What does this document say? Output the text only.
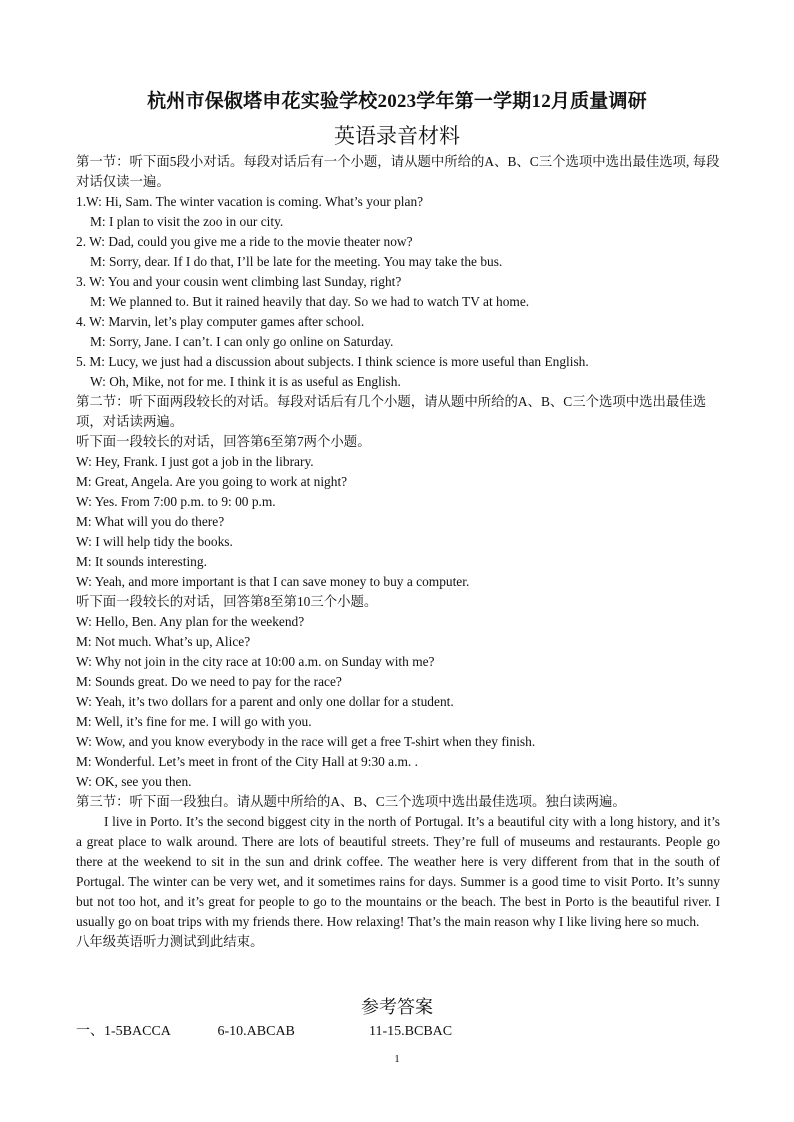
杭州市保俶塔申花实验学校2023学年第一学期12月质量调研
英语录音材料

第一节：听下面5段小对话。每段对话后有一个小题，请从题中所给的A、B、C三个选项中选出最佳选项, 每段对话仅读一遍。

1.W: Hi, Sam. The winter vacation is coming. What’s your plan?

M: I plan to visit the zoo in our city.

2. W: Dad, could you give me a ride to the movie theater now?

M: Sorry, dear. If I do that, I’ll be late for the meeting. You may take the bus.

3. W: You and your cousin went climbing last Sunday, right?

M: We planned to. But it rained heavily that day. So we had to watch TV at home.

4. W: Marvin, let’s play computer games after school.

M: Sorry, Jane. I can’t. I can only go online on Saturday.

5. M: Lucy, we just had a discussion about subjects. I think science is more useful than English.

W: Oh, Mike, not for me. I think it is as useful as English.

第二节：听下面两段较长的对话。每段对话后有几个小题，请从题中所给的A、B、C三个选项中选出最佳选项，对话读两遍。

听下面一段较长的对话，回答第6至第7两个小题。

W: Hey, Frank. I just got a job in the library.

M: Great, Angela. Are you going to work at night?

W: Yes. From 7:00 p.m. to 9: 00 p.m.

M: What will you do there?

W: I will help tidy the books.

M: It sounds interesting.

W: Yeah, and more important is that I can save money to buy a computer.

听下面一段较长的对话，回答第8至第10三个小题。

W: Hello, Ben. Any plan for the weekend?

M: Not much. What’s up, Alice?

W: Why not join in the city race at 10:00 a.m. on Sunday with me?

M: Sounds great. Do we need to pay for the race?

W: Yeah, it’s two dollars for a parent and only one dollar for a student.

M: Well, it’s fine for me. I will go with you.

W: Wow, and you know everybody in the race will get a free T-shirt when they finish.

M: Wonderful. Let’s meet in front of the City Hall at 9:30 a.m. .

W: OK, see you then.

第三节：听下面一段独白。请从题中所给的A、B、C三个选项中选出最佳选项。独白读两遍。

I live in Porto. It’s the second biggest city in the north of Portugal. It’s a beautiful city with a long history, and it’s a great place to walk around. There are lots of beautiful streets. They’re full of museums and restaurants. People go there at the weekend to sit in the sun and drink coffee. The weather here is very different from that in the south of Portugal. The winter can be very wet, and it sometimes rains for days. Summer is a good time to visit Porto. It’s sunny but not too hot, and it’s great for people to go to the mountains or the beach. The best in Porto is the beautiful river. I usually go on boat trips with my friends there. How relaxing! That’s the main reason why I like living here so much.

八年级英语听力测试到此结束。

参考答案
一、1-5BACCA	6-10.ABCAB	11-15.BCBAC
1
